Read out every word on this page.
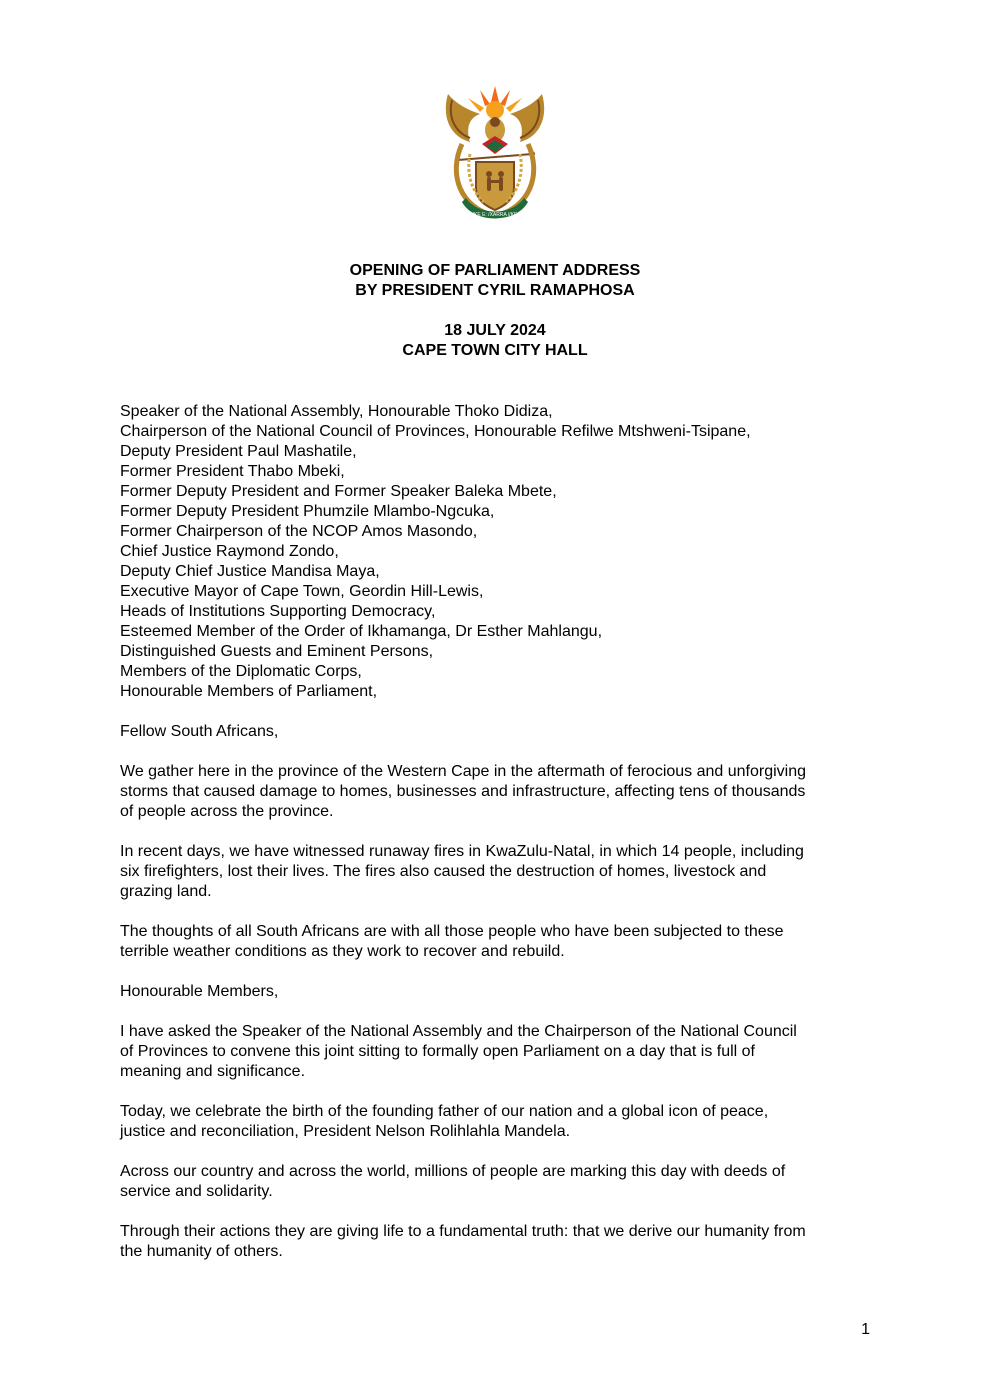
!KE E: /XARRA //KE
OPENING OF PARLIAMENT ADDRESS
BY PRESIDENT CYRIL RAMAPHOSA
18 JULY 2024
CAPE TOWN CITY HALL

Speaker of the National Assembly, Honourable Thoko Didiza,
Chairperson of the National Council of Provinces, Honourable Refilwe Mtshweni-Tsipane,
Deputy President Paul Mashatile,
Former President Thabo Mbeki,
Former Deputy President and Former Speaker Baleka Mbete,
Former Deputy President Phumzile Mlambo-Ngcuka,
Former Chairperson of the NCOP Amos Masondo,
Chief Justice Raymond Zondo,
Deputy Chief Justice Mandisa Maya,
Executive Mayor of Cape Town, Geordin Hill-Lewis,
Heads of Institutions Supporting Democracy,
Esteemed Member of the Order of Ikhamanga, Dr Esther Mahlangu,
Distinguished Guests and Eminent Persons,
Members of the Diplomatic Corps,
Honourable Members of Parliament,

Fellow South Africans,

We gather here in the province of the Western Cape in the aftermath of ferocious and unforgiving
storms that caused damage to homes, businesses and infrastructure, affecting tens of thousands
of people across the province.

In recent days, we have witnessed runaway fires in KwaZulu-Natal, in which 14 people, including
six firefighters, lost their lives. The fires also caused the destruction of homes, livestock and
grazing land.

The thoughts of all South Africans are with all those people who have been subjected to these
terrible weather conditions as they work to recover and rebuild.

Honourable Members,

I have asked the Speaker of the National Assembly and the Chairperson of the National Council
of Provinces to convene this joint sitting to formally open Parliament on a day that is full of
meaning and significance.

Today, we celebrate the birth of the founding father of our nation and a global icon of peace,
justice and reconciliation, President Nelson Rolihlahla Mandela.

Across our country and across the world, millions of people are marking this day with deeds of
service and solidarity.

Through their actions they are giving life to a fundamental truth: that we derive our humanity from
the humanity of others.

1
